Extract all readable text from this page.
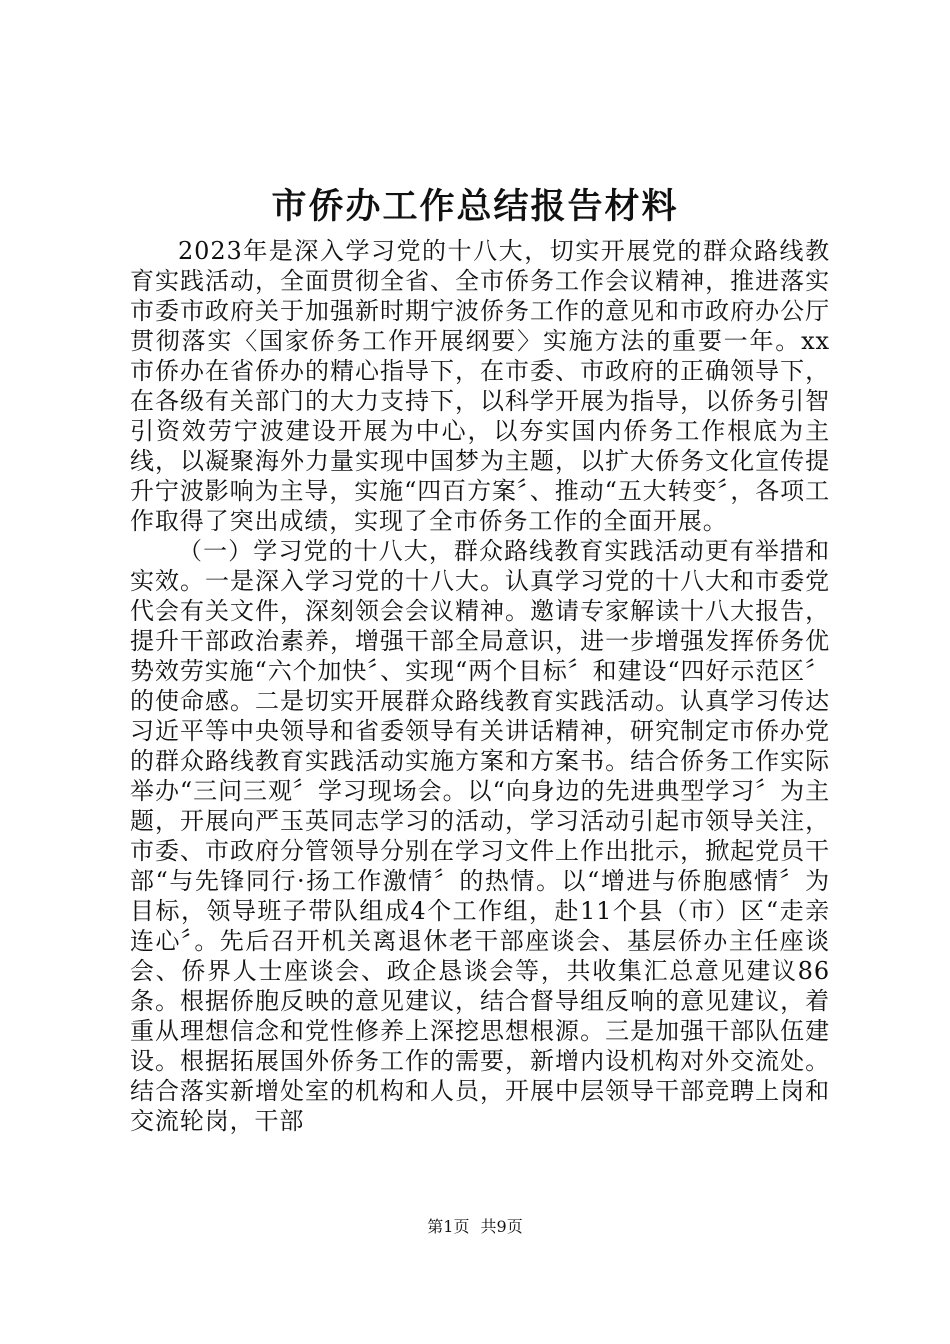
市侨办工作总结报告材料

2023年是深入学习党的十八大，切实开展党的群众路线教育实践活动，全面贯彻全省、全市侨务工作会议精神，推进落实市委市政府关于加强新时期宁波侨务工作的意见和市政府办公厅贯彻落实〈国家侨务工作开展纲要〉实施方法的重要一年。xx市侨办在省侨办的精心指导下，在市委、市政府的正确领导下，在各级有关部门的大力支持下，以科学开展为指导，以侨务引智引资效劳宁波建设开展为中心，以夯实国内侨务工作根底为主线，以凝聚海外力量实现中国梦为主题，以扩大侨务文化宣传提升宁波影响为主导，实施“四百方案〞、推动“五大转变〞，各项工作取得了突出成绩，实现了全市侨务工作的全面开展。

（一）学习党的十八大，群众路线教育实践活动更有举措和实效。一是深入学习党的十八大。认真学习党的十八大和市委党代会有关文件，深刻领会会议精神。邀请专家解读十八大报告，提升干部政治素养，增强干部全局意识，进一步增强发挥侨务优势效劳实施“六个加快〞、实现“两个目标〞和建设“四好示范区〞的使命感。二是切实开展群众路线教育实践活动。认真学习传达习近平等中央领导和省委领导有关讲话精神，研究制定市侨办党的群众路线教育实践活动实施方案和方案书。结合侨务工作实际举办“三问三观〞学习现场会。以“向身边的先进典型学习〞为主题，开展向严玉英同志学习的活动，学习活动引起市领导关注，市委、市政府分管领导分别在学习文件上作出批示，掀起党员干部“与先锋同行·扬工作激情〞的热情。以“增进与侨胞感情〞为目标，领导班子带队组成4个工作组，赴11个县（市）区“走亲连心〞。先后召开机关离退休老干部座谈会、基层侨办主任座谈会、侨界人士座谈会、政企恳谈会等，共收集汇总意见建议86条。根据侨胞反映的意见建议，结合督导组反响的意见建议，着重从理想信念和党性修养上深挖思想根源。三是加强干部队伍建设。根据拓展国外侨务工作的需要，新增内设机构对外交流处。结合落实新增处室的机构和人员，开展中层领导干部竞聘上岗和交流轮岗，干部

第1页 共9页
